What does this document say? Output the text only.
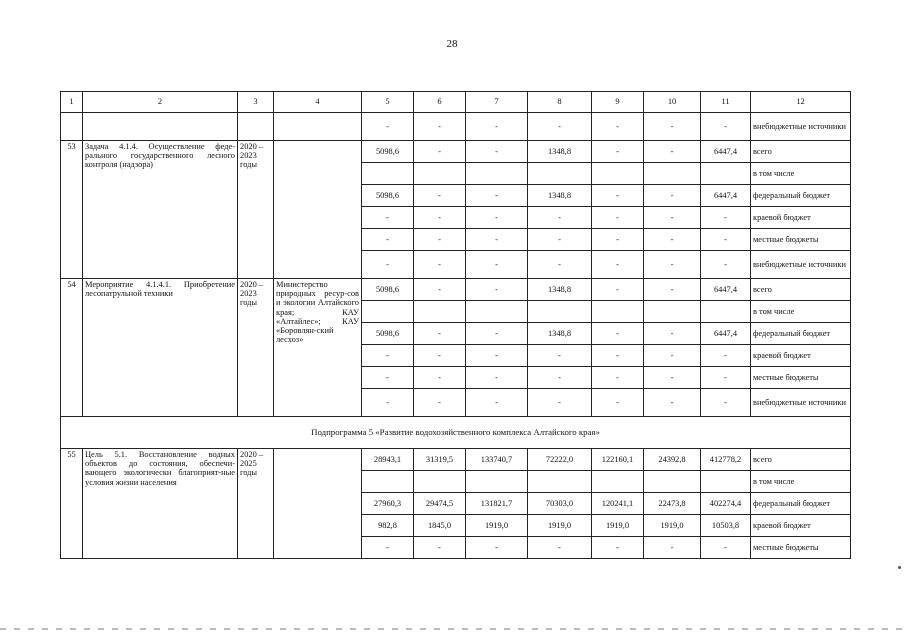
28
1	2	3	4	5	6	7	8	9	10	11	12
				-	-	-	-	-	-	-	внебюджетные источники
53	Задача 4.1.4. Осуществление феде-рального государственного лесного контроля (надзора)	2020 – 2023 годы		5098,6	-	-	1348,8	-	-	6447,4	всего
											в том числе
				5098,6	-	-	1348,8	-	-	6447,4	федеральный бюджет
				-	-	-	-	-	-	-	краевой бюджет
				-	-	-	-	-	-	-	местные бюджеты
				-	-	-	-	-	-	-	внебюджетные источники
54	Мероприятие 4.1.4.1. Приобретение лесопатрульной техники	2020 – 2023 годы	Министерство природных ресур-сов и экологии Алтайского края; КАУ «Алтайлес»; КАУ «Боровлян-ский лесхоз»	5098,6	-	-	1348,8	-	-	6447,4	всего
											в том числе
				5098,6	-	-	1348,8	-	-	6447,4	федеральный бюджет
				-	-	-	-	-	-	-	краевой бюджет
				-	-	-	-	-	-	-	местные бюджеты
				-	-	-	-	-	-	-	внебюджетные источники
Подпрограмма 5 «Развитие водохозяйственного комплекса Алтайского края»											
55	Цель 5.1. Восстановление водных объектов до состояния, обеспечи-вающего экологически благоприят-ные условия жизни населения	2020 – 2025 годы		28943,1	31319,5	133740,7	72222,0	122160,1	24392,8	412778,2	всего
											в том числе
				27960,3	29474,5	131821,7	70303,0	120241,1	22473,8	402274,4	федеральный бюджет
				982,8	1845,0	1919,0	1919,0	1919,0	1919,0	10503,8	краевой бюджет
				-	-	-	-	-	-	-	местные бюджеты
